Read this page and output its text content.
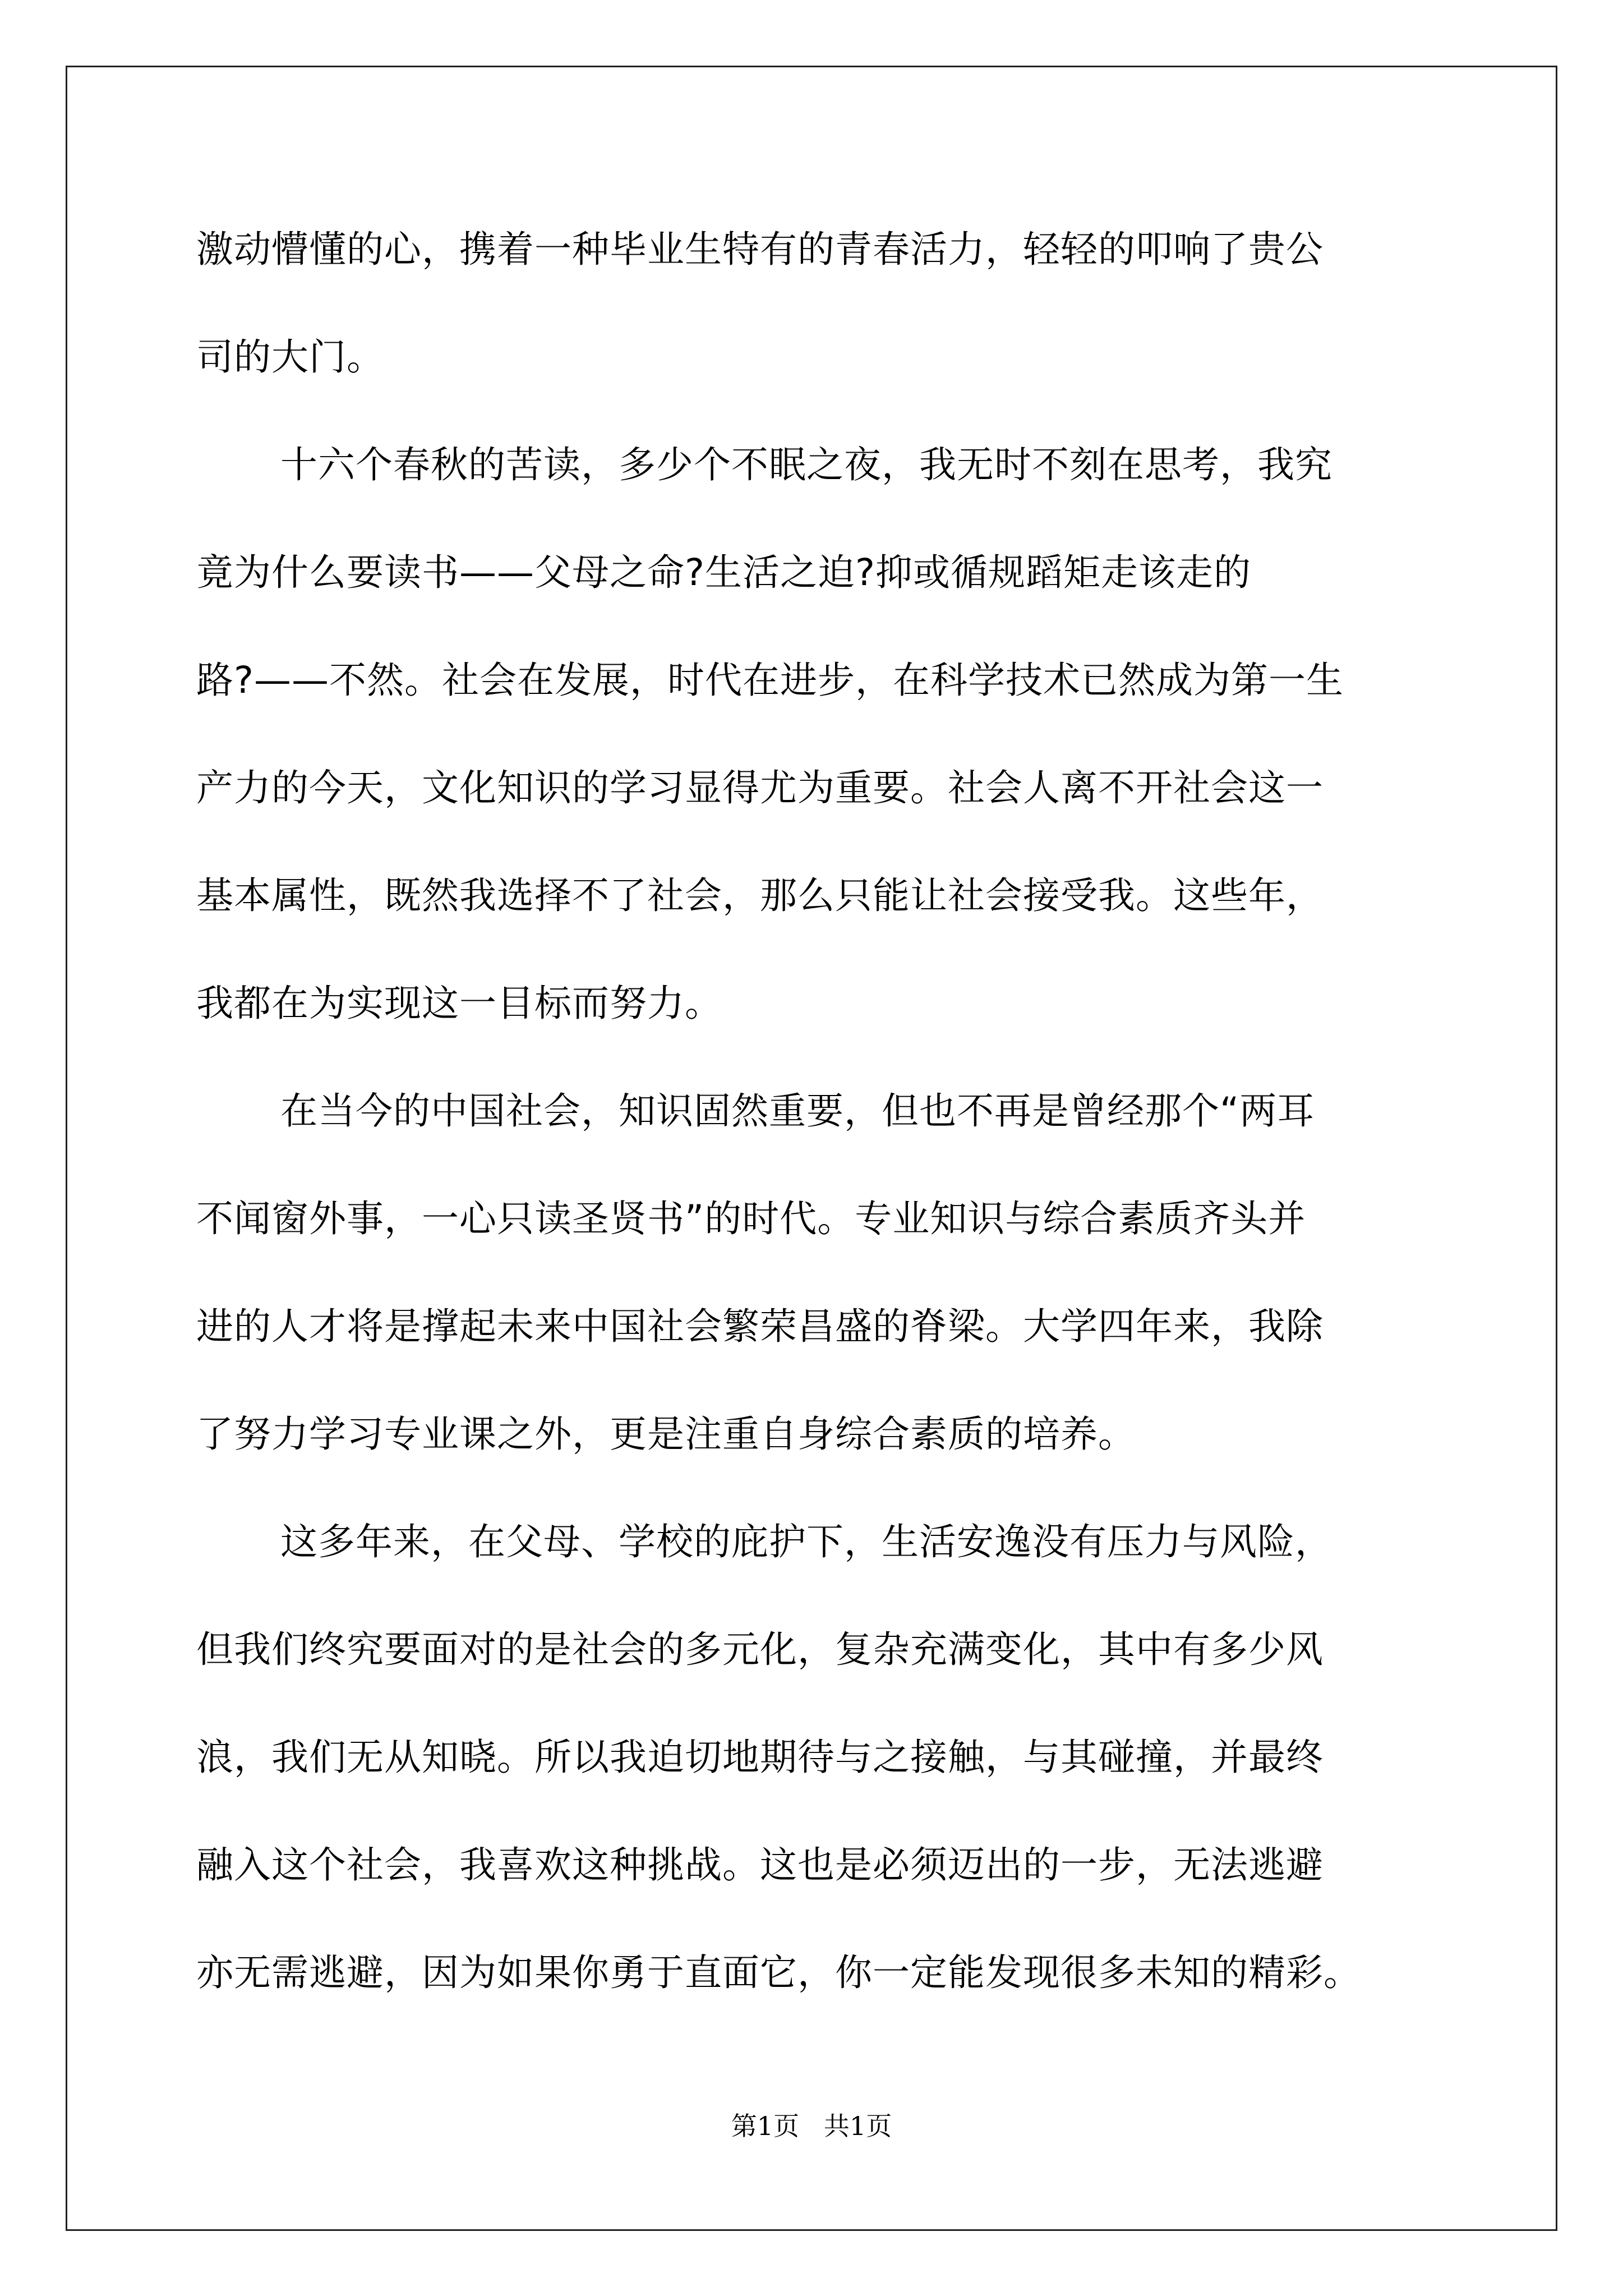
激动懵懂的心，携着一种毕业生特有的青春活力，轻轻的叩响了贵公
司的大门。
十六个春秋的苦读，多少个不眠之夜，我无时不刻在思考，我究
竟为什么要读书——父母之命?生活之迫?抑或循规蹈矩走该走的
路?——不然。社会在发展，时代在进步，在科学技术已然成为第一生
产力的今天，文化知识的学习显得尤为重要。社会人离不开社会这一
基本属性，既然我选择不了社会，那么只能让社会接受我。这些年，
我都在为实现这一目标而努力。
在当今的中国社会，知识固然重要，但也不再是曾经那个“两耳
不闻窗外事，一心只读圣贤书”的时代。专业知识与综合素质齐头并
进的人才将是撑起未来中国社会繁荣昌盛的脊梁。大学四年来，我除
了努力学习专业课之外，更是注重自身综合素质的培养。
这多年来，在父母、学校的庇护下，生活安逸没有压力与风险，
但我们终究要面对的是社会的多元化，复杂充满变化，其中有多少风
浪，我们无从知晓。所以我迫切地期待与之接触，与其碰撞，并最终
融入这个社会，我喜欢这种挑战。这也是必须迈出的一步，无法逃避
亦无需逃避，因为如果你勇于直面它，你一定能发现很多未知的精彩。
第1页   共1页
